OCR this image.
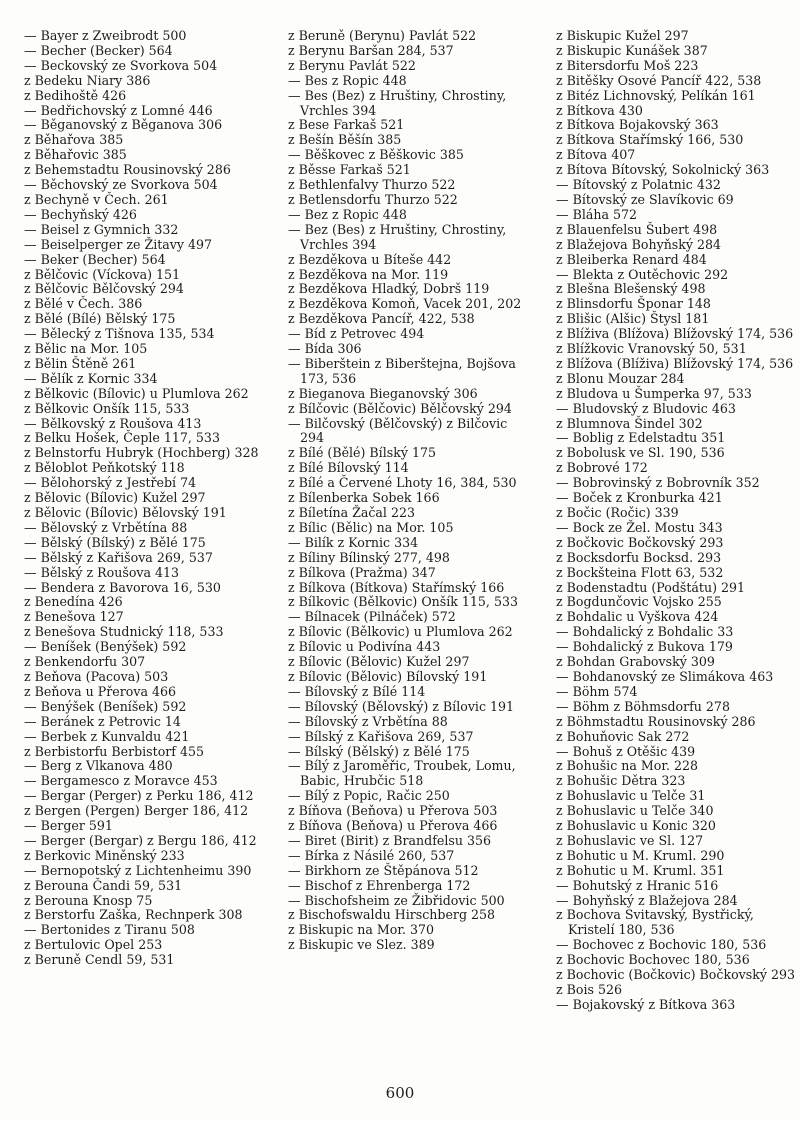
— Bayer z Zweibrodt 500
— Becher (Becker) 564
— Beckovský ze Svorkova 504
z Bedeku Niary 386
z Bedihoště 426
— Bedřichovský z Lomné 446
— Běganovský z Běganova 306
z Běhařova 385
z Běhařovic 385
z Behemstadtu Rousinovský 286
— Běchovský ze Svorkova 504
z Bechyně v Čech. 261
— Bechyňský 426
— Beisel z Gymnich 332
— Beiselperger ze Žitavy 497
— Beker (Becher) 564
z Bělčovic (Víckova) 151
z Bělčovic Bělčovský 294
z Bělé v Čech. 386
z Bělé (Bílé) Bělský 175
— Bělecký z Tišnova 135, 534
z Bělic na Mor. 105
z Bělin Štěně 261
— Bělík z Kornic 334
z Bělkovic (Bílovic) u Plumlova 262
z Bělkovic Onšík 115, 533
— Bělkovský z Roušova 413
z Belku Hošek, Čeple 117, 533
z Belnstorfu Hubryk (Hochberg) 328
z Běloblot Peňkotský 118
— Bělohorský z Jestřebí 74
z Bělovic (Bílovic) Kužel 297
z Bělovic (Bílovic) Bělovský 191
— Bělovský z Vrbětína 88
— Bělský (Bílský) z Bělé 175
— Bělský z Kařišova 269, 537
— Bělský z Roušova 413
— Bendera z Bavorova 16, 530
z Benedína 426
z Benešova 127
z Benešova Studnický 118, 533
— Beníšek (Benýšek) 592
z Benkendorfu 307
z Beňova (Pacova) 503
z Beňova u Přerova 466
— Benýšek (Beníšek) 592
— Beránek z Petrovic 14
— Berbek z Kunvaldu 421
z Berbistorfu Berbistorf 455
— Berg z Vlkanova 480
— Bergamesco z Moravce 453
— Bergar (Perger) z Perku 186, 412
z Bergen (Pergen) Berger 186, 412
— Berger 591
— Berger (Bergar) z Bergu 186, 412
z Berkovic Miněnský 233
— Bernopotský z Lichtenheimu 390
z Berouna Čandi 59, 531
z Berouna Knosp 75
z Berstorfu Zaška, Rechnperk 308
— Bertonides z Tiranu 508
z Bertulovic Opel 253
z Beruně Cendl 59, 531
z Beruně (Berynu) Pavlát 522
z Berynu Baršan 284, 537
z Berynu Pavlát 522
— Bes z Ropic 448
— Bes (Bez) z Hruštiny, Chrostiny, Vrchles 394
z Bese Farkaš 521
z Bešín Běšín 385
— Běškovec z Běškovic 385
z Běsse Farkaš 521
z Bethlenfalvy Thurzo 522
z Betlensdorfu Thurzo 522
— Bez z Ropic 448
— Bez (Bes) z Hruštiny, Chrostiny, Vrchles 394
z Bezděkova u Bíteše 442
z Bezděkova na Mor. 119
z Bezděkova Hladký, Dobrš 119
z Bezděkova Komoň, Vacek 201, 202
z Bezděkova Pancíř, 422, 538
— Bíd z Petrovec 494
— Bída 306
— Biberštein z Biberštejna, Bojšova 173, 536
z Bieganova Bieganovský 306
z Bílčovic (Bělčovic) Bělčovský 294
— Bilčovský (Bělčovský) z Bilčovic 294
z Bílé (Bělé) Bílský 175
z Bílé Bílovský 114
z Bílé a Červené Lhoty 16, 384, 530
z Bílenberka Sobek 166
z Bíletína Žačal 223
z Bílic (Bělic) na Mor. 105
— Bilík z Kornic 334
z Bíliny Bílinský 277, 498
z Bílkova (Pražma) 347
z Bílkova (Bítkova) Stařímský 166
z Bílkovic (Bělkovic) Onšík 115, 533
— Bílnacek (Pilnáček) 572
z Bílovic (Bělkovic) u Plumlova 262
z Bílovic u Podivína 443
z Bílovic (Bělovic) Kužel 297
z Bílovic (Bělovic) Bílovský 191
— Bílovský z Bílé 114
— Bílovský (Bělovský) z Bílovic 191
— Bílovský z Vrbětína 88
— Bílský z Kařišova 269, 537
— Bílský (Bělský) z Bělé 175
— Bílý z Jaroměřic, Troubek, Lomu, Babic, Hrubčic 518
— Bílý z Popic, Račic 250
z Bíňova (Beňova) u Přerova 503
z Bíňova (Beňova) u Přerova 466
— Biret (Birit) z Brandfelsu 356
— Bírka z Násilé 260, 537
— Birkhorn ze Štěpánova 512
— Bischof z Ehrenberga 172
— Bischofsheim ze Žibřidovic 500
z Bischofswaldu Hirschberg 258
z Biskupic na Mor. 370
z Biskupic ve Slez. 389
z Biskupic Kužel 297
z Biskupic Kunášek 387
z Bitersdorfu Moš 223
z Bitěšky Osové Pancíř 422, 538
z Bitéz Lichnovský, Pelíkán 161
z Bítkova 430
z Bítkova Bojakovský 363
z Bítkova Stařímský 166, 530
z Bítova 407
z Bítova Bítovský, Sokolnický 363
— Bítovský z Polatnic 432
— Bítovský ze Slavíkovic 69
— Bláha 572
z Blauenfelsu Šubert 498
z Blažejova Bohyňský 284
z Bleiberka Renard 484
— Blekta z Outěchovic 292
z Blešna Blešenský 498
z Blinsdorfu Šponar 148
z Blišic (Alšic) Štysl 181
z Blíživa (Blížova) Blížovský 174, 536
z Blížkovic Vranovský 50, 531
z Blížova (Blíživa) Blížovský 174, 536
z Blonu Mouzar 284
z Bludova u Šumperka 97, 533
— Bludovský z Bludovic 463
z Blumnova Šindel 302
— Boblig z Edelstadtu 351
z Bobolusk ve Sl. 190, 536
z Bobrové 172
— Bobrovinský z Bobrovník 352
— Boček z Kronburka 421
z Bočic (Ročic) 339
— Bock ze Žel. Mostu 343
z Bočkovic Bočkovský 293
z Bocksdorfu Bocksd. 293
z Bockšteina Flott 63, 532
z Bodenstadtu (Podštátu) 291
z Bogdunčovic Vojsko 255
z Bohdalic u Vyškova 424
— Bohdalický z Bohdalic 33
— Bohdalický z Bukova 179
z Bohdan Grabovský 309
— Bohdanovský ze Slimákova 463
— Böhm 574
— Böhm z Böhmsdorfu 278
z Böhmstadtu Rousinovský 286
z Bohuňovic Sak 272
— Bohuš z Otěšic 439
z Bohušic na Mor. 228
z Bohušic Dětra 323
z Bohuslavic u Telče 31
z Bohuslavic u Telče 340
z Bohuslavic u Konic 320
z Bohuslavic ve Sl. 127
z Bohutic u M. Kruml. 290
z Bohutic u M. Kruml. 351
— Bohutský z Hranic 516
— Bohyňský z Blažejova 284
z Bochova Svitavský, Bystřický, Kristelí 180, 536
— Bochovec z Bochovic 180, 536
z Bochovic Bochovec 180, 536
z Bochovic (Bočkovic) Bočkovský 293
z Bois 526
— Bojakovský z Bítkova 363
600
